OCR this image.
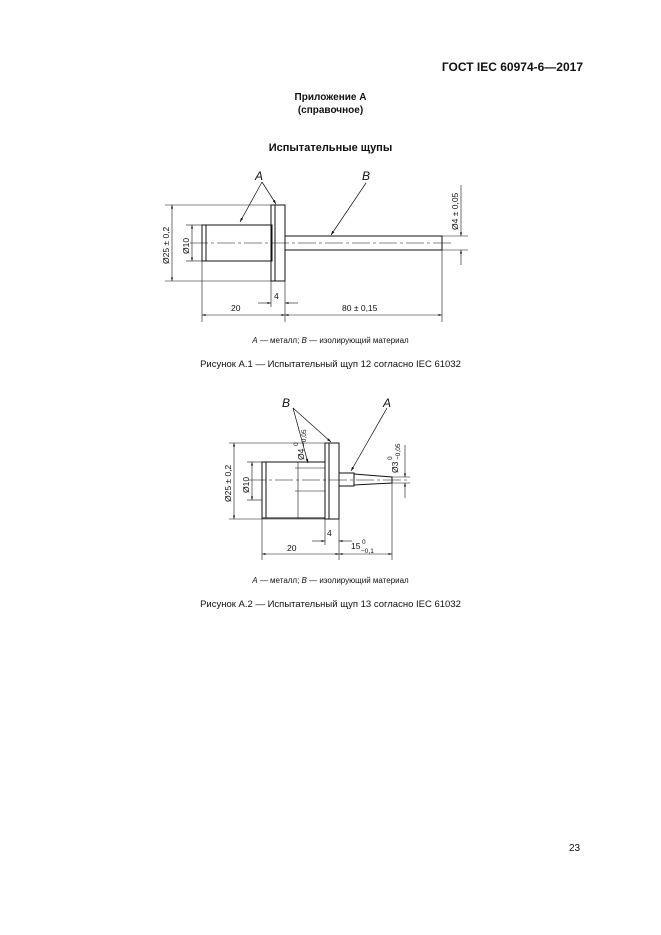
ГОСТ IEC 60974-6—2017
Приложение А
(справочное)
Испытательные щупы
A	B
Ø25 ± 0,2 Ø10
Ø4 ± 0,05
20
4
80 ± 0,15
B	A
Ø25 ± 0,2 Ø10
Ø4
0 −0,05
Ø3
0 −0,05
20
4
15 0
−0,1
A — металл; B — изолирующий материал
Рисунок А.1 — Испытательный щуп 12 согласно IEC 61032
A — металл; B — изолирующий материал
Рисунок А.2 — Испытательный щуп 13 согласно IEC 61032
23
